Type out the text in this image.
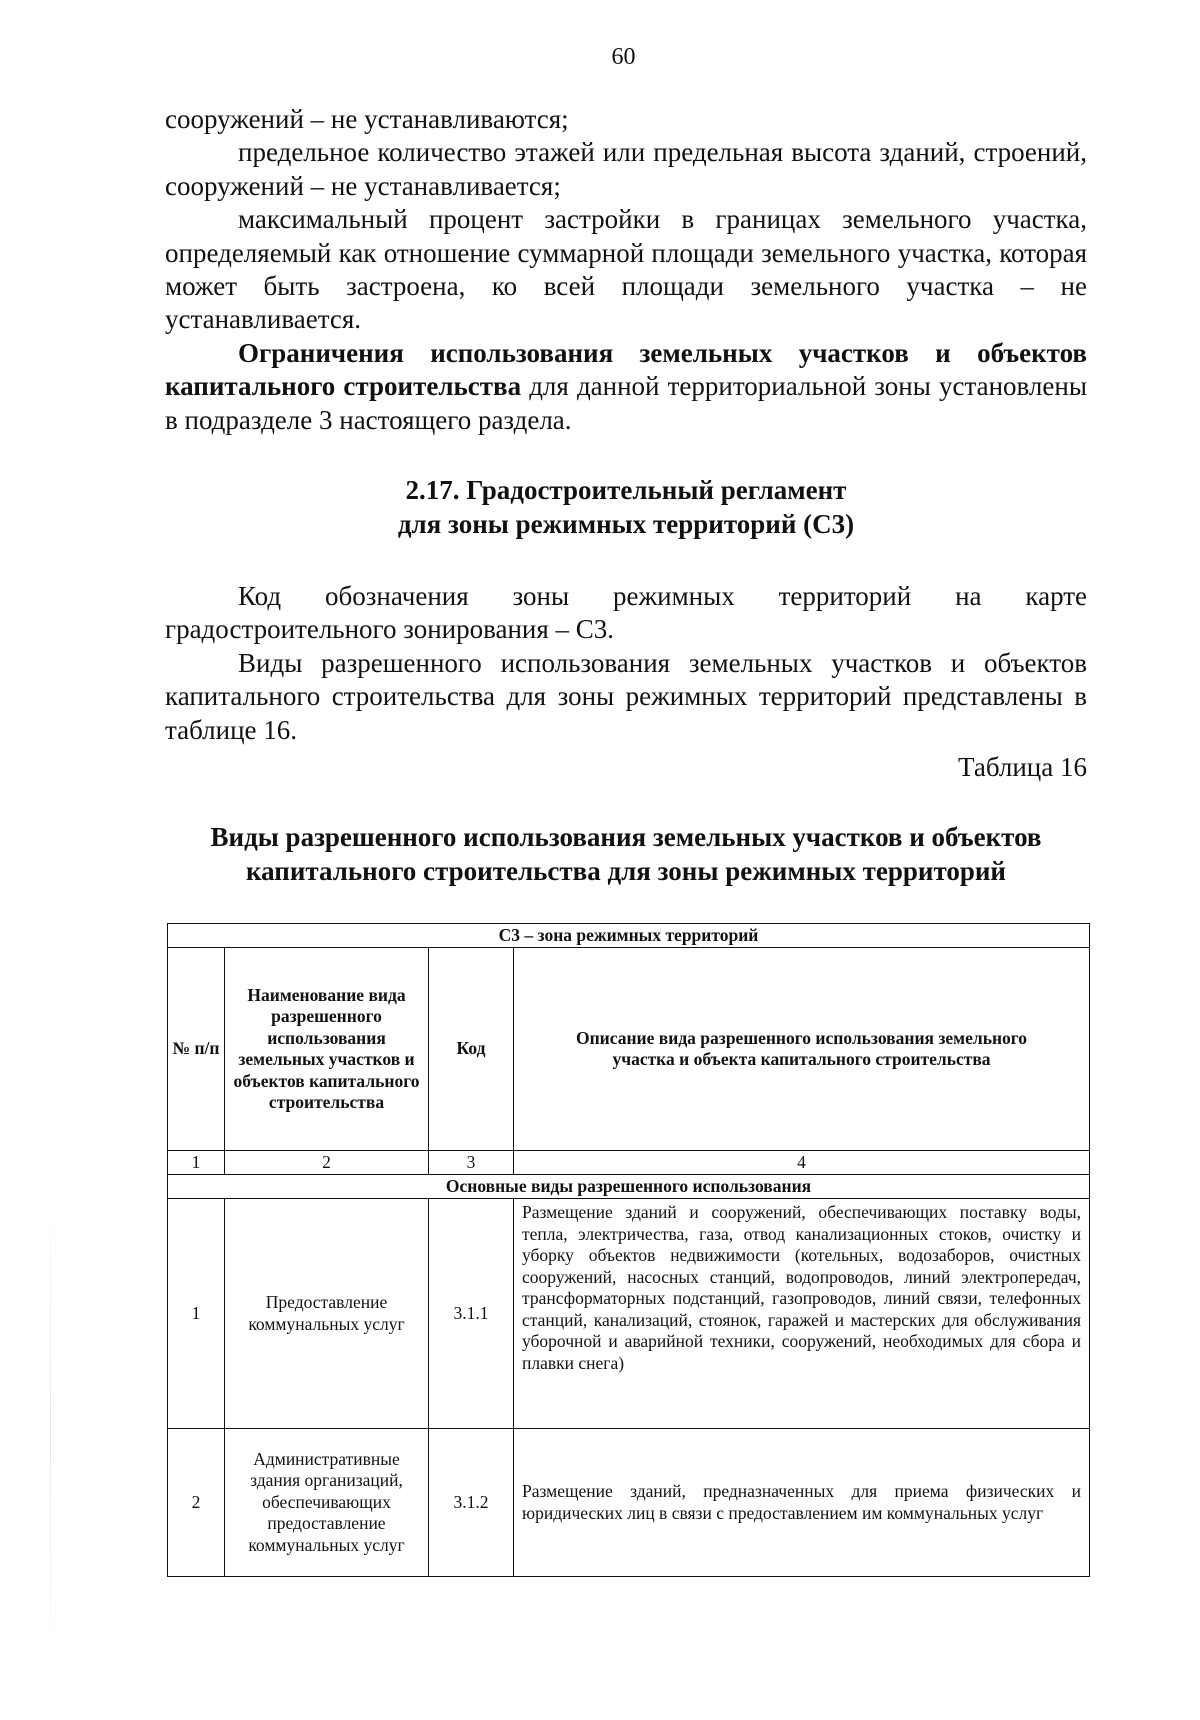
60

сооружений – не устанавливаются;

предельное количество этажей или предельная высота зданий, строений, сооружений – не устанавливается;

максимальный процент застройки в границах земельного участка, определяемый как отношение суммарной площади земельного участка, которая может быть застроена, ко всей площади земельного участка – не устанавливается.

Ограничения использования земельных участков и объектов капитального строительства для данной территориальной зоны установлены в подразделе 3 настоящего раздела.

2.17. Градостроительный регламент
для зоны режимных территорий (С3)

Код обозначения зоны режимных территорий на карте градостроительного зонирования – С3.

Виды разрешенного использования земельных участков и объектов капитального строительства для зоны режимных территорий представлены в таблице 16.

Таблица 16
Виды разрешенного использования земельных участков и объектов
капитального строительства для зоны режимных территорий
С3 – зона режимных территорий			
№ п/п	Наименование вида разрешенного использования земельных участков и объектов капитального строительства	Код	Описание вида разрешенного использования земельного участка и объекта капитального строительства
1	2	3	4
Основные виды разрешенного использования			
1	Предоставление коммунальных услуг	3.1.1	Размещение зданий и сооружений, обеспечивающих поставку воды, тепла, электричества, газа, отвод канализационных стоков, очистку и уборку объектов недвижимости (котельных, водозаборов, очистных сооружений, насосных станций, водопроводов, линий электропередач, трансформаторных подстанций, газопроводов, линий связи, телефонных станций, канализаций, стоянок, гаражей и мастерских для обслуживания уборочной и аварийной техники, сооружений, необходимых для сбора и плавки снега)
2	Административные здания организаций, обеспечивающих предоставление коммунальных услуг	3.1.2	Размещение зданий, предназначенных для приема физических и юридических лиц в связи с предоставлением им коммунальных услуг
